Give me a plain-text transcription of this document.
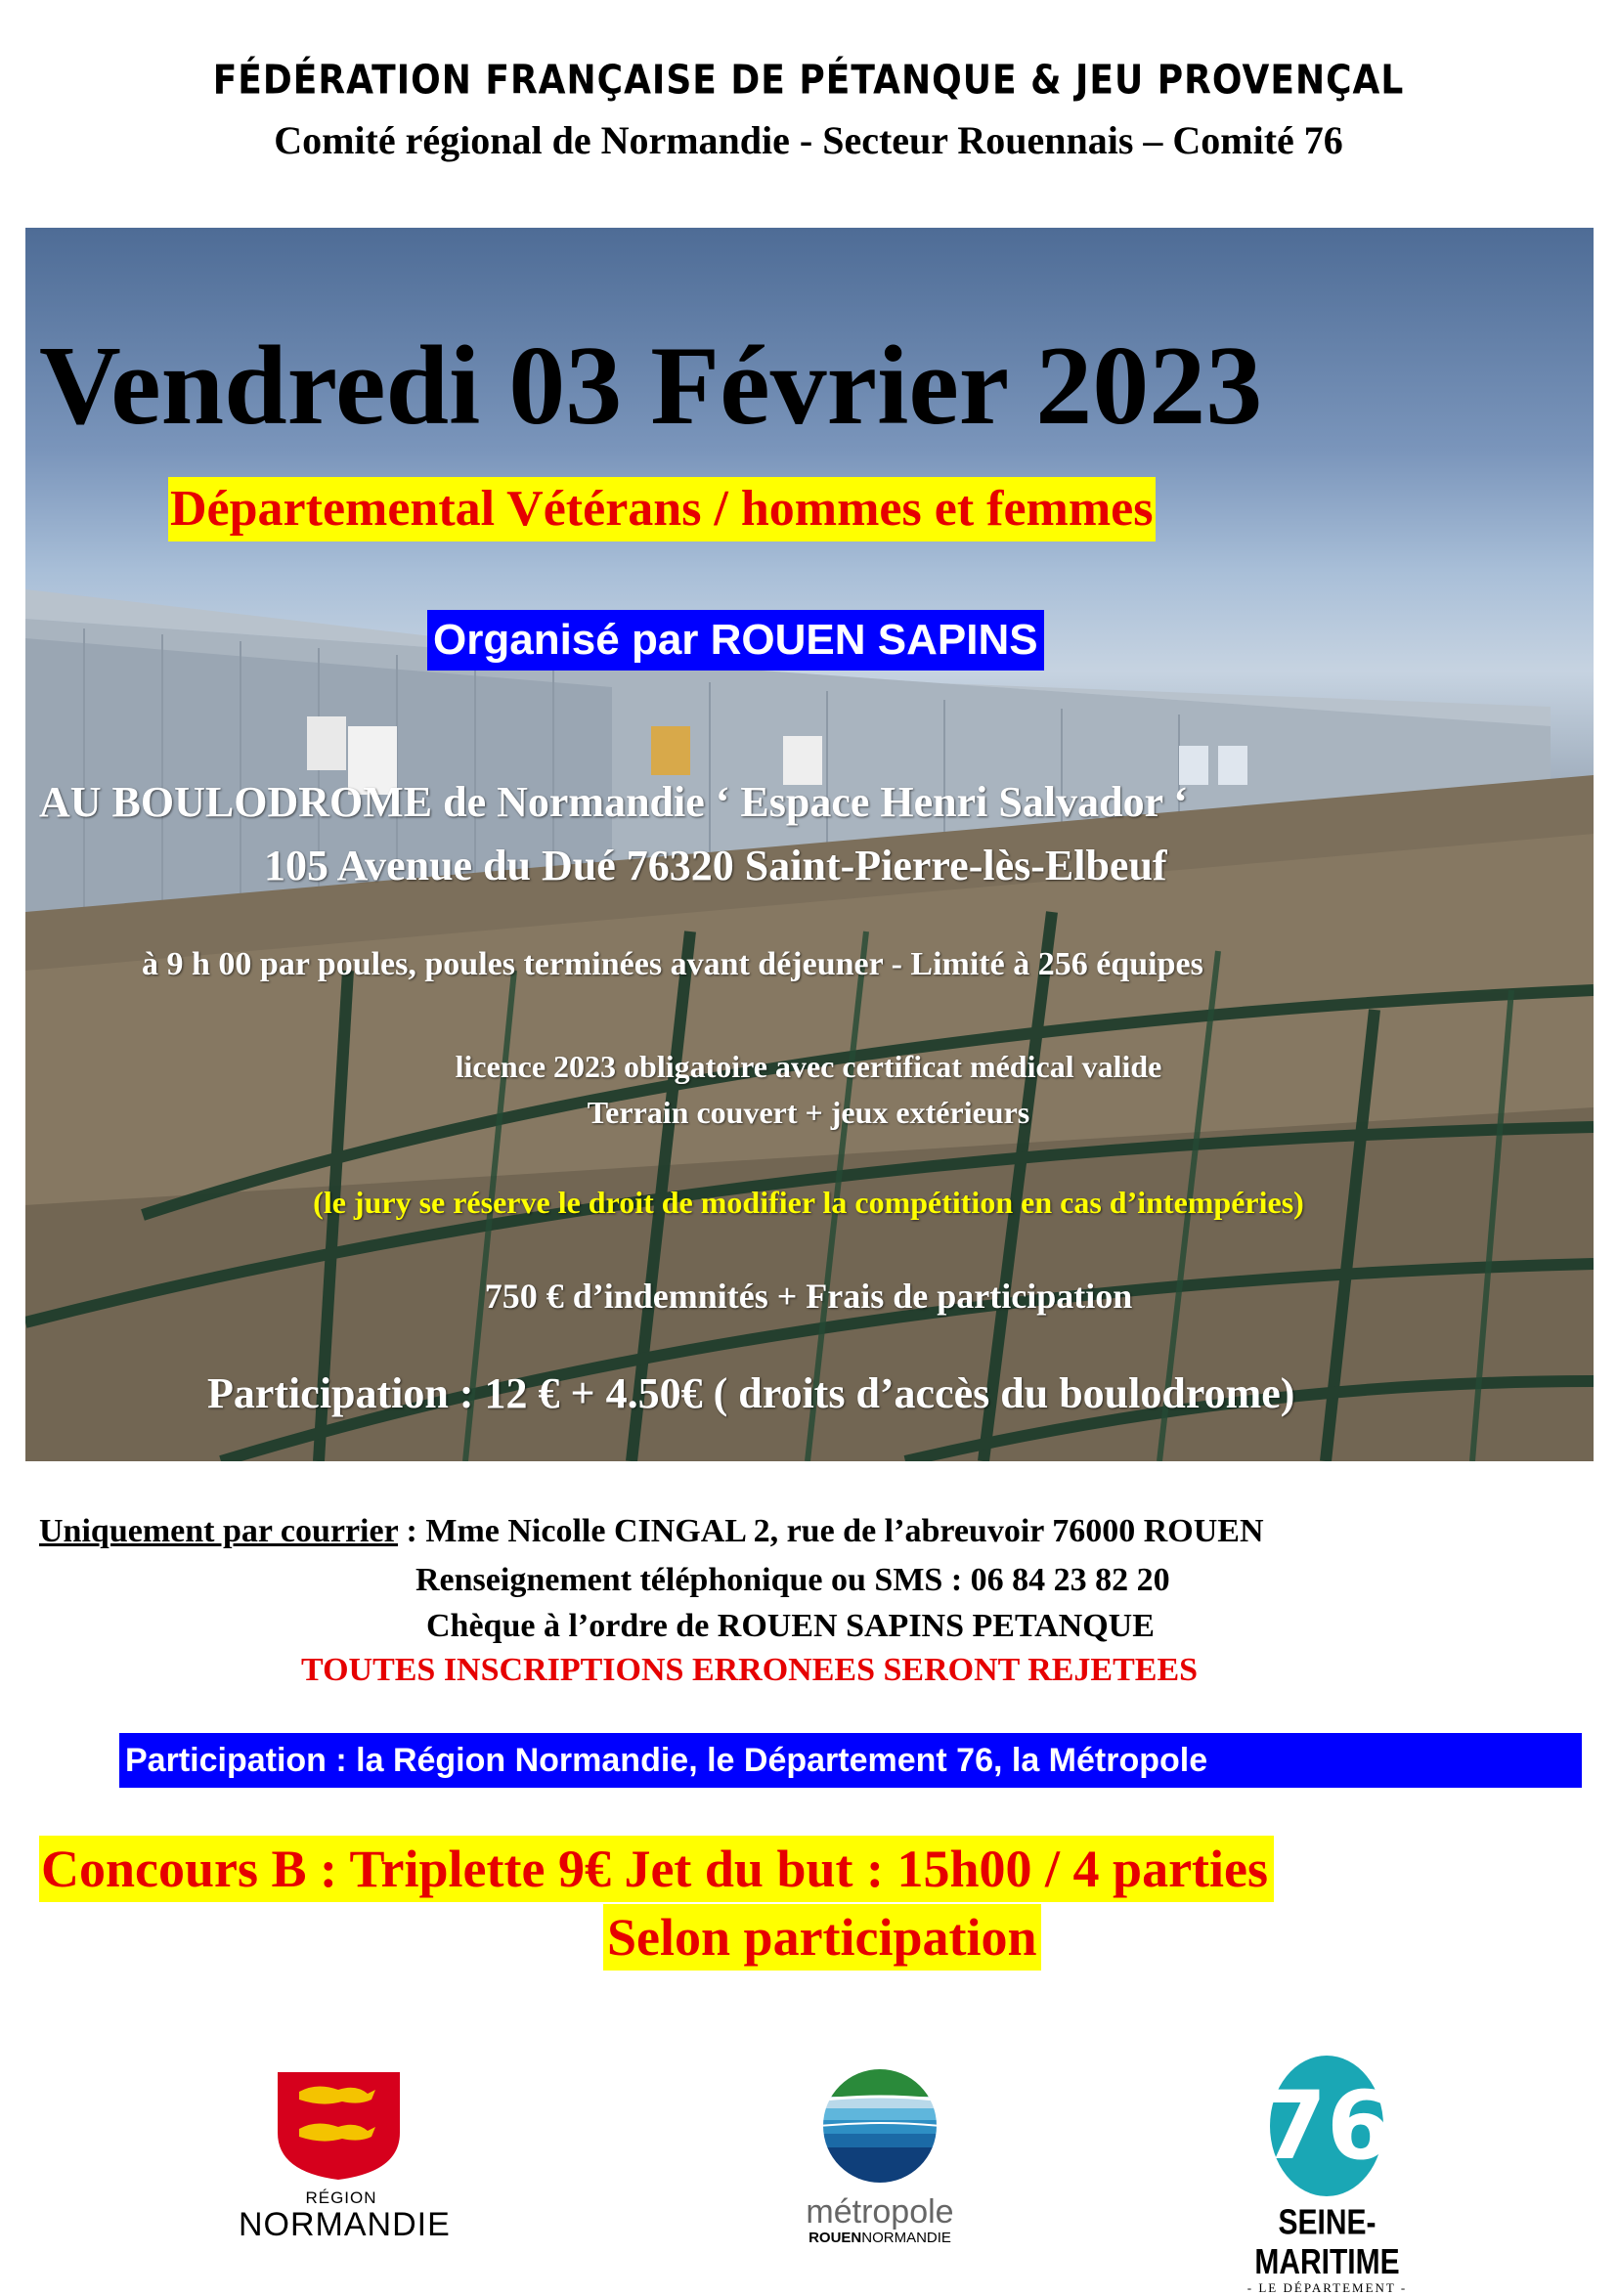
FÉDÉRATION FRANÇAISE DE PÉTANQUE & JEU PROVENÇAL
Comité régional de Normandie - Secteur Rouennais – Comité 76
Vendredi 03 Février 2023
Départemental Vétérans / hommes et femmes
Organisé par ROUEN SAPINS
AU BOULODROME de Normandie ‘ Espace Henri Salvador ‘
105 Avenue du Dué 76320 Saint-Pierre-lès-Elbeuf
à 9 h 00 par poules, poules terminées avant déjeuner - Limité à 256 équipes
licence 2023 obligatoire avec certificat médical valide
Terrain couvert + jeux extérieurs
(le jury se réserve le droit de modifier la compétition en cas d’intempéries)
750 € d’indemnités + Frais de participation
Participation : 12 € + 4.50€ ( droits d’accès du boulodrome)
Uniquement par courrier : Mme Nicolle CINGAL 2, rue de l’abreuvoir 76000 ROUEN
Renseignement téléphonique ou SMS : 06 84 23 82 20
Chèque à l’ordre de ROUEN SAPINS PETANQUE
TOUTES INSCRIPTIONS ERRONEES SERONT REJETEES
Participation : la Région Normandie, le Département 76, la Métropole
Concours B : Triplette 9€ Jet du but : 15h00 / 4 parties
Selon participation
RÉGION
NORMANDIE	métropole
ROUENNORMANDIE
76
SEINE-MARITIME
- LE DÉPARTEMENT -
